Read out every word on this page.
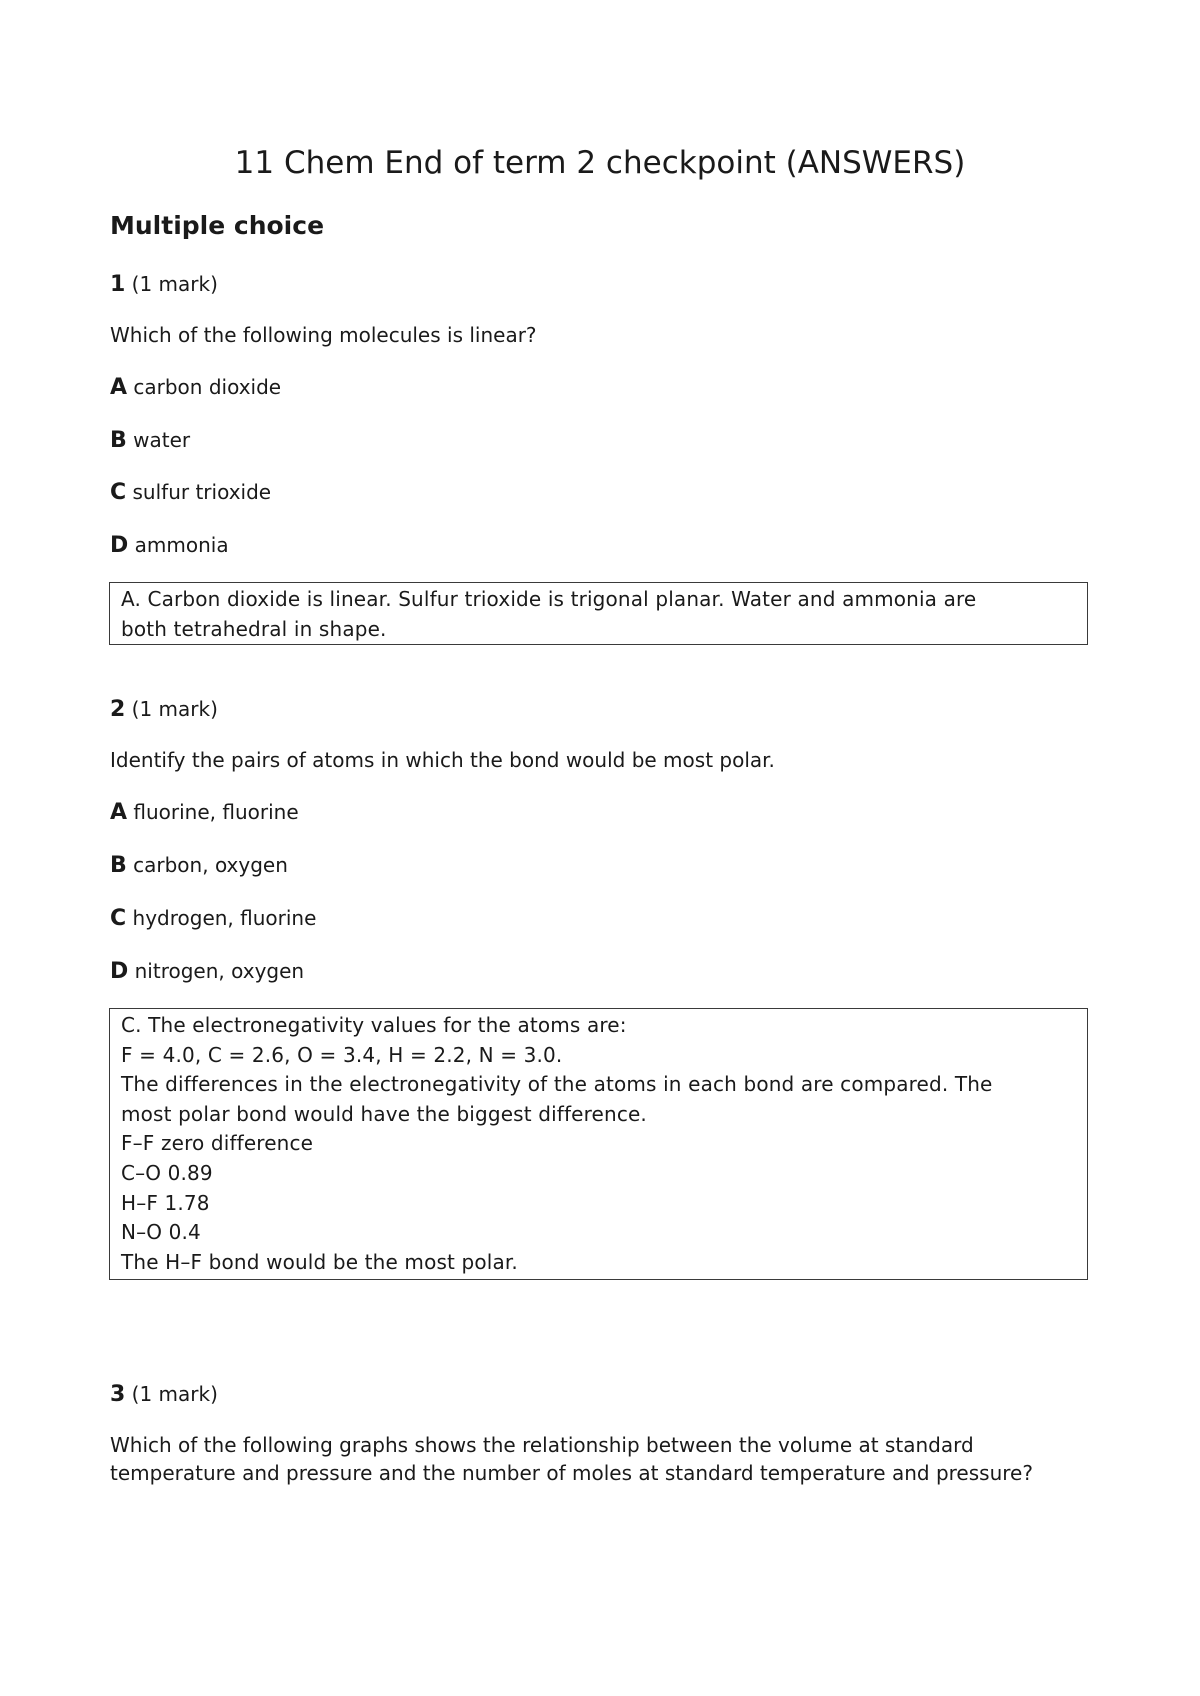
11 Chem End of term 2 checkpoint (ANSWERS)
Multiple choice
1 (1 mark)
Which of the following molecules is linear?
A carbon dioxide
B water
C sulfur trioxide
D ammonia
A. Carbon dioxide is linear. Sulfur trioxide is trigonal planar. Water and ammonia are
both tetrahedral in shape.
2 (1 mark)
Identify the pairs of atoms in which the bond would be most polar.
A fluorine, fluorine
B carbon, oxygen
C hydrogen, fluorine
D nitrogen, oxygen
C. The electronegativity values for the atoms are:
F = 4.0, C = 2.6, O = 3.4, H = 2.2, N = 3.0.
The differences in the electronegativity of the atoms in each bond are compared. The
most polar bond would have the biggest difference.
F–F zero difference
C–O 0.89
H–F 1.78
N–O 0.4
The H–F bond would be the most polar.
3 (1 mark)
Which of the following graphs shows the relationship between the volume at standard
temperature and pressure and the number of moles at standard temperature and pressure?
